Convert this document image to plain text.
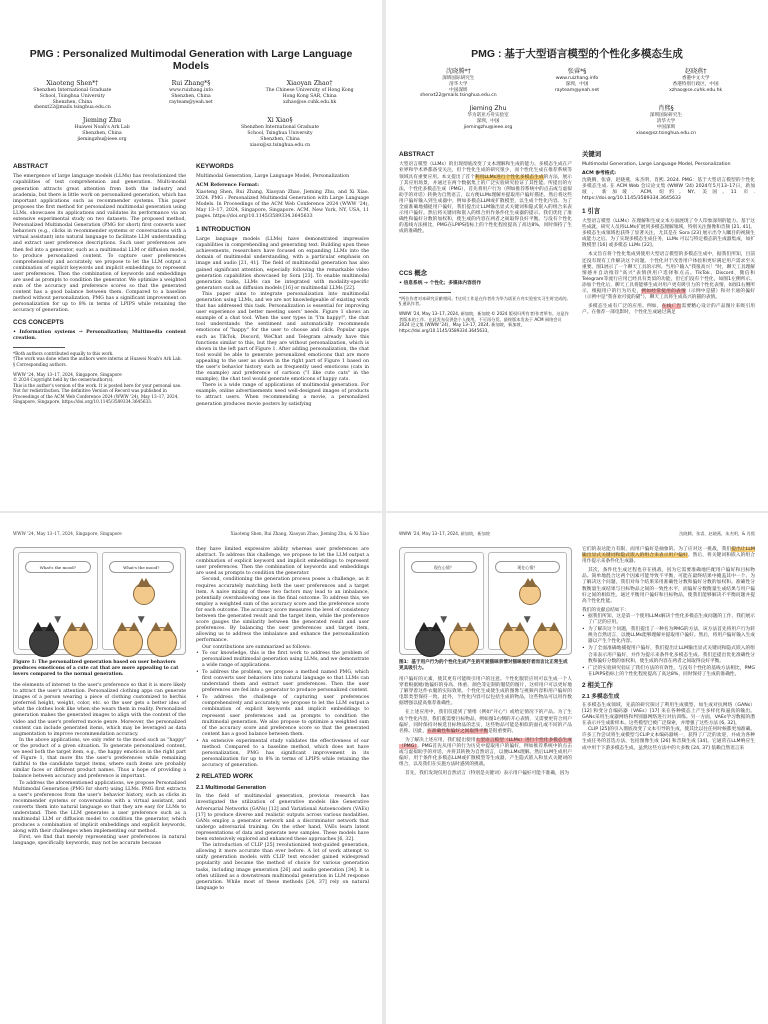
PMG : Personalized Multimodal Generation with Large Language Models
Xiaoteng Shen*†
Shenzhen International Graduate
School, Tsinghua University
Shenzhen, China
shenxt22@mails.tsinghua.edu.cn
Rui Zhang*§
www.ruizhang.info
Shenzhen, China
rayteam@yeah.net
Xiaoyan Zhao†
The Chinese University of Hong Kong
Hong Kong SAR, China
xzhao@se.cuhk.edu.hk
Jieming Zhu
Huawei Noah's Ark Lab
Shenzhen, China
jiemingzhu@ieee.org
Xi Xiao§
Shenzhen International Graduate
School, Tsinghua University
Shenzhen, China
xiaox@sz.tsinghua.edu.cn
ABSTRACT

The emergence of large language models (LLMs) has revolutionized the capabilities of text comprehension and generation. Multi-modal generation attracts great attention from both the industry and academia, but there is little work on personalized generation, which has important applications such as recommender systems. This paper proposes the first method for personalized multimodal generation using LLMs, showcases its applications and validates its performance via an extensive experimental study on two datasets. The proposed method, Personalized Multimodal Generation (PMG for short) first converts user behaviors (e.g., clicks in recommender systems or conversations with a virtual assistant) into natural language to facilitate LLM understanding and extract user preference descriptions. Such user preferences are then fed into a generator, such as a multimodal LLM or diffusion model, to produce personalized content. To capture user preferences comprehensively and accurately, we propose to let the LLM output a combination of explicit keywords and implicit embeddings to represent user preferences. Then the combination of keywords and embeddings are used as prompts to condition the generator. We optimize a weighted sum of the accuracy and preference scores so that the generated content has a good balance between them. Compared to a baseline method without personalization, PMG has a significant improvement on personalization for up to 8% in terms of LPIPS while retaining the accuracy of generation.

CCS CONCEPTS

• Information systems → Personalization; Multimedia content creation.

*Both authors contributed equally to this work.

†The work was done when the authors were interns at Huawei Noah's Ark Lab.

§ Corresponding authors.

WWW '24, May 13–17, 2024, Singapore, Singapore

© 2024 Copyright held by the owner/author(s).

This is the author's version of the work. It is posted here for your personal use. Not for redistribution. The definitive Version of Record was published in Proceedings of the ACM Web Conference 2024 (WWW '24), May 13–17, 2024, Singapore, Singapore, https://doi.org/10.1145/3589334.3645633.

KEYWORDS

Multimodal Generation, Large Language Model, Personalization

ACM Reference Format:

Xiaoteng Shen, Rui Zhang, Xiaoyan Zhao, Jieming Zhu, and Xi Xiao. 2024. PMG : Personalized Multimodal Generation with Large Language Models. In Proceedings of the ACM Web Conference 2024 (WWW '24), May 13–17, 2024, Singapore, Singapore. ACM, New York, NY, USA, 11 pages. https://doi.org/10.1145/3589334.3645633

1 INTRODUCTION

Large language models (LLMs) have demonstrated impressive capabilities in comprehending and generating text. Building upon these achievements, researchers have focused on expanding LLMs into the domain of multimodal understanding, with a particular emphasis on image and audio [21, 41]. The field of multimodal generation has also gained significant attention, especially following the remarkable video generation capabilities showcased by Sora [23]. To enable multimodal generation tasks, LLMs can be integrated with modality-specific generators such as diffusion models [16] or multimodal LLMs [22].

This paper aims to integrate personalization into multimodal generation using LLMs, and we are not knowledgeable of existing work that has addressed this task. Personalization is essential for improving user experience and better meeting users' needs. Figure 1 shows an example of a chat tool. When the user types in "I'm happy!", the chat tool understands the sentiment and automatically recommends emoticons of "happy" for the user to choose and click. Popular apps such as TikTok, Discord, WeChat and Telegram already have this functions similar to this, but they are without personalization, which is shown in the left part of Figure 1. After adding personalization, the chat tool would be able to generate personalized emoticons that are more appealing to the user as shown in the right part of Figure 1 based on the user's behavior history such as frequently used emoticons (cats in the example) and preference of cartoon ("I like cute cats" in the example), the chat tool would generate emoticons of happy cats.

There is a wide range of applications of multimodal generation. For example, online advertisements need well-designed images of products to attract users. When recommending a movie, a personalized generation produces movie posters by satisfying

PMG : 基于大型语言模型的个性化多模态生成
沈晓腾*†
深圳国际研究生
清华大学
中国深圳
shenxt22@mails.tsinghua.edu.cn
张睿*§
www.ruizhang.info
深圳，中国
rayteam@yeah.net
赵晓燕†
香港中文大学
香港特别行政区，中国
xzhao@se.cuhk.edu.hk
Jieming Zhu
华为诺亚方舟实验室
深圳，中国
jiemingzhu@ieee.org
肖熙§
深圳国际研究生
清华大学
中国深圳
xiaox@sz.tsinghua.edu.cn
ABSTRACT

大型语言模型（LLMs）的出现彻底改变了文本理解和生成的能力。多模态生成在产业界和学术界都备受关注，但个性化生成的研究很少，而个性化生成在推荐系统等领域具有重要应用。本文提出了首个利用LLMs进行个性化多模态生成的方法，展示了其应用场景，并通过在两个数据集上的广泛实验研究验证了其性能。所提出的方法，个性化多模态生成（PMG），首先将用户行为（例如推荐系统中的点击或与虚拟助手的对话）转换为自然语言，以方便LLMs理解并提取用户偏好描述。然后将这些用户偏好输入到生成器中，例如多模态LLM或扩散模型，以生成个性化内容。为了全面准确地捕捉用户偏好，我们提出让LLM输出显式关键词和隐式嵌入的组合来表示用户偏好。然后将关键词和嵌入的组合用作条件化生成器的提示。我们优化了准确性和偏好分数的加权和，使生成的内容在两者之间取得良好平衡。与没有个性化的基线方法相比，PMG在LPIPS指标上的个性化程度提高了高达8%，同时保持了生成的准确性。

CCS 概念

• 信息系统 → 个性化；多媒体内容创作

*两位作者对本研究贡献相同。†这项工作是在作者作为华为诺亚方舟实验室实习生时完成的。§ 通讯作者。

WWW '24, May 13–17, 2024, 新加坡，新加坡 © 2024 版权归所有者/作者所有。这是作者版本的工作。在此发布仅供您个人使用。不可再分发。最终版本发表于 ACM 网络会议 2024 论文集 (WWW '24)，May 13–17, 2024, 新加坡，新加坡，https://doi.org/10.1145/3589334.3645633。

关键词

Multimodal Generation, Large Language Model, Personalization

ACM 参考格式:

沈晓腾，张睿，赵晓燕，朱杰明，肖熙. 2024. PMG：基于大型语言模型的个性化多模态生成. 在 ACM Web 会议论文集 (WWW '24) 2024年5月13–17日，新加坡，新加坡. ACM, 纽约, NY, 美国, 11 页. https://doi.org/10.1145/3589334.3645633

1 引言

大型语言模型（LLMs）在理解和生成文本方面展现了令人印象深刻的能力。基于这些成就，研究人员将LLMs扩展到多模态理解领域，特别关注图像和音频 [21, 41]。多模态生成领域也获得了显著关注，尤其是在 Sora [23] 展示出令人瞩目的视频生成能力之后。为了实现多模态生成任务，LLMs 可以与特定模态的生成器集成，如扩散模型 [16] 或多模态 LLMs [22]。

本文旨在将个性化集成到使用大型语言模型的多模态生成中，据我们所知，目前还没有现有工作解决这个问题。个性化对于改善用户体验和更好满足用户需求至关重要。图1展示了一个聊天工具的示例。当用户输入"我很高兴！"时，聊天工具理解情感并自动推荐"高兴"表情供用户选择和点击。TikTok、Discord、微信和Telegram等流行应用已经具有类似的功能，但它们没有个性化，如图1左侧所示。添加个性化后，聊天工具将能够生成对用户更有吸引力的个性化表情，如图1右侧所示，根据用户的行为历史，例如经常使用的表情（示例中是猫）和对卡通的偏好（示例中是"我喜欢可爱的猫"），聊天工具将生成高兴的猫的表情。

多模态生成有广泛的应用。例如，在线广告需要精心设计的产品图片来吸引用户。在推荐一部电影时，个性化生成通过满足

WWW '24, May 13–17, 2024, Singapore, Singapore	Xiaoteng Shen, Rui Zhang, Xiaoyan Zhao, Jieming Zhu, & Xi Xiao
What's the mood?
▼
What's the mood?
▼

Figure 1: The personalized generation based on user behaviors produces emoticons of a cute cat that are more appealing to cat lovers compared to the normal generation.

the elements of interest to the user's preference so that it is more likely to attract the user's attention. Personalized clothing apps can generate images of a person wearing a piece of clothing customized to her/his preferred height, weight, color, etc. so the user gets a better idea of what the clothes look like when she wears them in reality. Personalized generation makes the generated images to align with the content of the video and the user's preferred movie genre. Moreover, the personalized content can include generated items, which may be leveraged as data augmentation to improve recommendation accuracy.

In the above applications, we only refer to the mood such as "happy" or the product of a given situation. To generate personalized content, we need both the target item, e.g., the happy emoticon in the right part of Figure 1, that more fits the user's preferences while remaining faithful to the candidate target items, where such items are probably similar faces or different product names. Thus a hope of providing a balance between accuracy and preference is important.

To address the aforementioned applications, we propose Personalized Multimodal Generation (PMG for short) using LLMs. PMG first extracts a user's preferences from the user's behavior history, such as clicks in recommender systems or conversations with a virtual assistant, and converts them into natural language so that they are easy for LLMs to understand. Then the LLM generates a user preference such as a multimodal LLM or diffusion model to condition the generator, which produces a combination of implicit embeddings and explicit keywords, along with their challenges when implementing our method.

First, we find that merely representing user preferences in natural language, specifically keywords, may not be accurate because

they have limited expressive ability whereas user preferences are abstract. To address this challenge, we propose to let the LLM output a combination of explicit keyword and implicit embeddings to represent user preferences. Then the combination of keywords and embeddings are used as prompts to condition the generator.

Second, conditioning the generation process poses a challenge, as it requires accurately matching both the user preferences and a target item. A naive mixing of these two factors may lead to an imbalance, potentially overshadowing one in the final outcome. To address this, we employ a weighted sum of the accuracy score and the preference score for each outcome. The accuracy score measures the level of consistency between the generated result and the target item, while the preference score gauges the similarity between the generated result and user preferences. By balancing the user preferences and target item, allowing us to address the imbalance and enhance the personalization performance.

Our contributions are summarized as follows:

• To our knowledge, this is the first work to address the problem of personalized multimodal generation using LLMs, and we demonstrate a wide range of applications.
• To address the problem, we propose a method named PMG, which first converts user behaviors into natural language so that LLMs can understand them and extract user preferences. Then the user preferences are fed into a generator to produce personalized content.
• To address the challenge of capturing user preferences comprehensively and accurately, we propose to let the LLM output a combination of explicit keywords and implicit embeddings to represent user preferences and as prompts to condition the multimodal generation. We also propose to optimize a weighted sum of the accuracy score and preference score so that the generated content has a good balance between them.
• An extensive experimental study validates the effectiveness of our method. Compared to a baseline method, which does not have personalization, PMG has significant improvement in its personalization for up to 8% in terms of LPIPS while retaining the accuracy of generation.
2 RELATED WORK
2.1 Multimodal Generation

In the field of multimodal generation, previous research has investigated the utilization of generative models like Generative Adversarial Networks (GANs) [12] and Variational Autoencoders (VAEs) [17] to produce diverse and realistic outputs across various modalities. GANs employ a generator network and a discriminator network that undergo adversarial training. On the other hand, VAEs learn latent representations of data and generate new samples. These models have been extensively explored and enhanced these approaches [6, 32].

The introduction of CLIP [25] revolutionized text-guided generation, allowing it more accurate than ever before. A lot of work attempt to unify generation models with CLIP text encoder gained widespread popularity and became the method of choice for various generation tasks, including image generation [26] and audio generation [34]. It is often utilized as a downstream multimodal generation in LLM response generation. While most of these methods [24, 37] rely on natural language to

WWW '24, May 13–17, 2024, 新加坡，新加坡	沈晓腾，张睿，赵晓燕，朱杰明，& 肖熙
现在心情？
▼
现在心情？
▼

图1：基于用户行为的个性化生成产生的可爱猫咪表情对猫咪爱好者而言比正常生成更具吸引力。

用户偏好的元素，使其更有可能吸引用户的注意。个性化服装应用可以生成一个人穿着根据她/他偏好的身高、体重、颜色等定制的服装的图片，这样用户可以更好地了解穿着这件衣服的实际效果。个性化生成使生成的图像与视频内容和用户偏好的电影类型保持一致。此外，个性化内容可以包括生成的物品，这些物品可以用作数据增强以提高推荐准确性。

在上述应用中，我们仅提到了情绪（例如"开心"）或给定情况下的产品。为了生成个性化内容，我们既需要目标物品，例如图1右侧的开心表情，又需要更符合用户偏好，同时保持对候选目标物品的忠实，这些物品可能是相似的面孔或不同的产品名称。因此，在准确性和偏好之间取得平衡是很重要的。

为了解决上述应用，我们提出使用大型语言模型（LLMs）进行个性化多模态生成（PMG）。PMG首先从用户的行为历史中提取用户的偏好，例如推荐系统中的点击或与虚拟助手的对话，并将其转换为自然语言，以便LLMs理解。然后LLM生成用户偏好，用于条件化多模态LLM或扩散模型等生成器，产生隐式嵌入和显式关键词的组合，以及我们在实施方法时遇到的挑战。

首先，我们发现仅用自然语言（特别是关键词）表示用户偏好可能不准确，因为

它们的表达能力有限，而用户偏好是抽象的。为了应对这一挑战，我们提出让LLM输出显式关键词和隐式嵌入的组合来表示用户偏好。然后，将关键词和嵌入的组合用作提示来条件化生成器。

其次，条件化生成过程也存在挑战，因为它需要准确地匹配用户偏好和目标物品。简单地混合这两个因素可能导致不平衡，可能在最终结果中掩盖其中一个。为了解决这个问题，我们对每个结果采用准确性分数和偏好分数的加权和。准确性分数衡量生成结果与目标物品之间的一致性水平，而偏好分数衡量生成结果与用户偏好之间的相似性。通过平衡用户偏好和目标物品，使我们能够解决不平衡问题并提高个性化性能。

我们的贡献总结如下：

• 据我们所知，这是第一个使用LLMs解决个性化多模态生成问题的工作，我们展示了广泛的应用。
• 为了解决这个问题，我们提出了一种名为PMG的方法，该方法首先将用户行为转换为自然语言，以便LLMs能够理解并提取用户偏好。然后，将用户偏好输入生成器以产生个性化内容。
• 为了全面准确地捕捉用户偏好，我们提出让LLM输出显式关键词和隐式嵌入的组合来表示用户偏好，并作为提示来条件化多模态生成。我们还提出优化准确性分数和偏好分数的加权和，使生成的内容在两者之间取得良好平衡。
• 广泛的实验研究验证了我们方法的有效性。与没有个性化的基线方法相比，PMG在LPIPS指标上的个性化程度提高了高达8%，同时保持了生成的准确性。
2 相关工作
2.1 多模态生成

在多模态生成领域，先前的研究探讨了利用生成模型，如生成对抗网络（GANs）[12] 和变分自编码器（VAEs）[17] 来在各种模态上产生多样化和逼真的输出。GANs采用生成器网络和判别器网络进行对抗训练。另一方面，VAEs学习数据的潜在表示并生成新样本。这些模型已被广泛探索，并增强了这些方法 [6, 32]。

CLIP [25]的引入彻底改变了文本引导的生成，使其比以往任何时候都更加准确。许多工作尝试将生成模型与CLIP文本编码器统一，获得了广泛的欢迎，并成为各种生成任务的首选方法，包括图像生成 [26] 和音频生成 [34]。它通常在LLM响应生成中用于下游多模态生成。虽然这些方法中的大多数 [24, 37] 依赖自然语言来
